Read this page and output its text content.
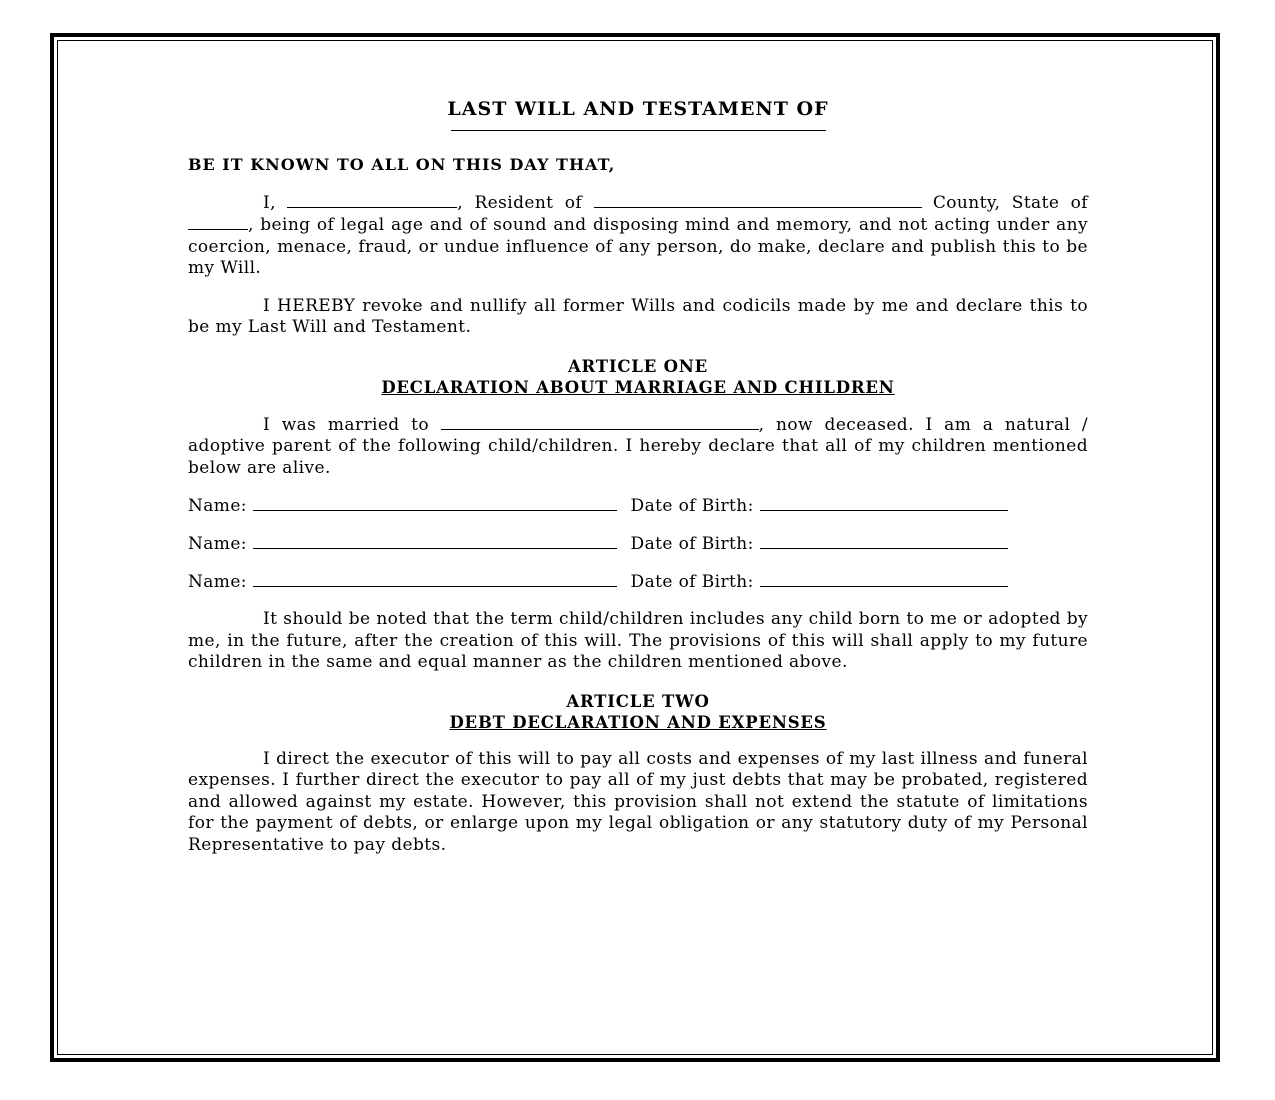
LAST WILL AND TESTAMENT OF
BE IT KNOWN TO ALL ON THIS DAY THAT,

I,	, Resident of	County, State of , being of legal age and of sound and disposing mind and memory, and not acting under any coercion, menace, fraud, or undue influence of any person, do make, declare and publish this to be my Will.

I HEREBY revoke and nullify all former Wills and codicils made by me and declare this to be my Last Will and Testament.

ARTICLE ONE
DECLARATION ABOUT MARRIAGE AND CHILDREN

I was married to	, now deceased. I am a natural / adoptive parent of the following child/children. I hereby declare that all of my children mentioned below are alive.

Name:	Date of Birth:
Name:	Date of Birth:
Name:	Date of Birth:

It should be noted that the term child/children includes any child born to me or adopted by me, in the future, after the creation of this will. The provisions of this will shall apply to my future children in the same and equal manner as the children mentioned above.

ARTICLE TWO
DEBT DECLARATION AND EXPENSES

I direct the executor of this will to pay all costs and expenses of my last illness and funeral expenses. I further direct the executor to pay all of my just debts that may be probated, registered and allowed against my estate. However, this provision shall not extend the statute of limitations for the payment of debts, or enlarge upon my legal obligation or any statutory duty of my Personal Representative to pay debts.
